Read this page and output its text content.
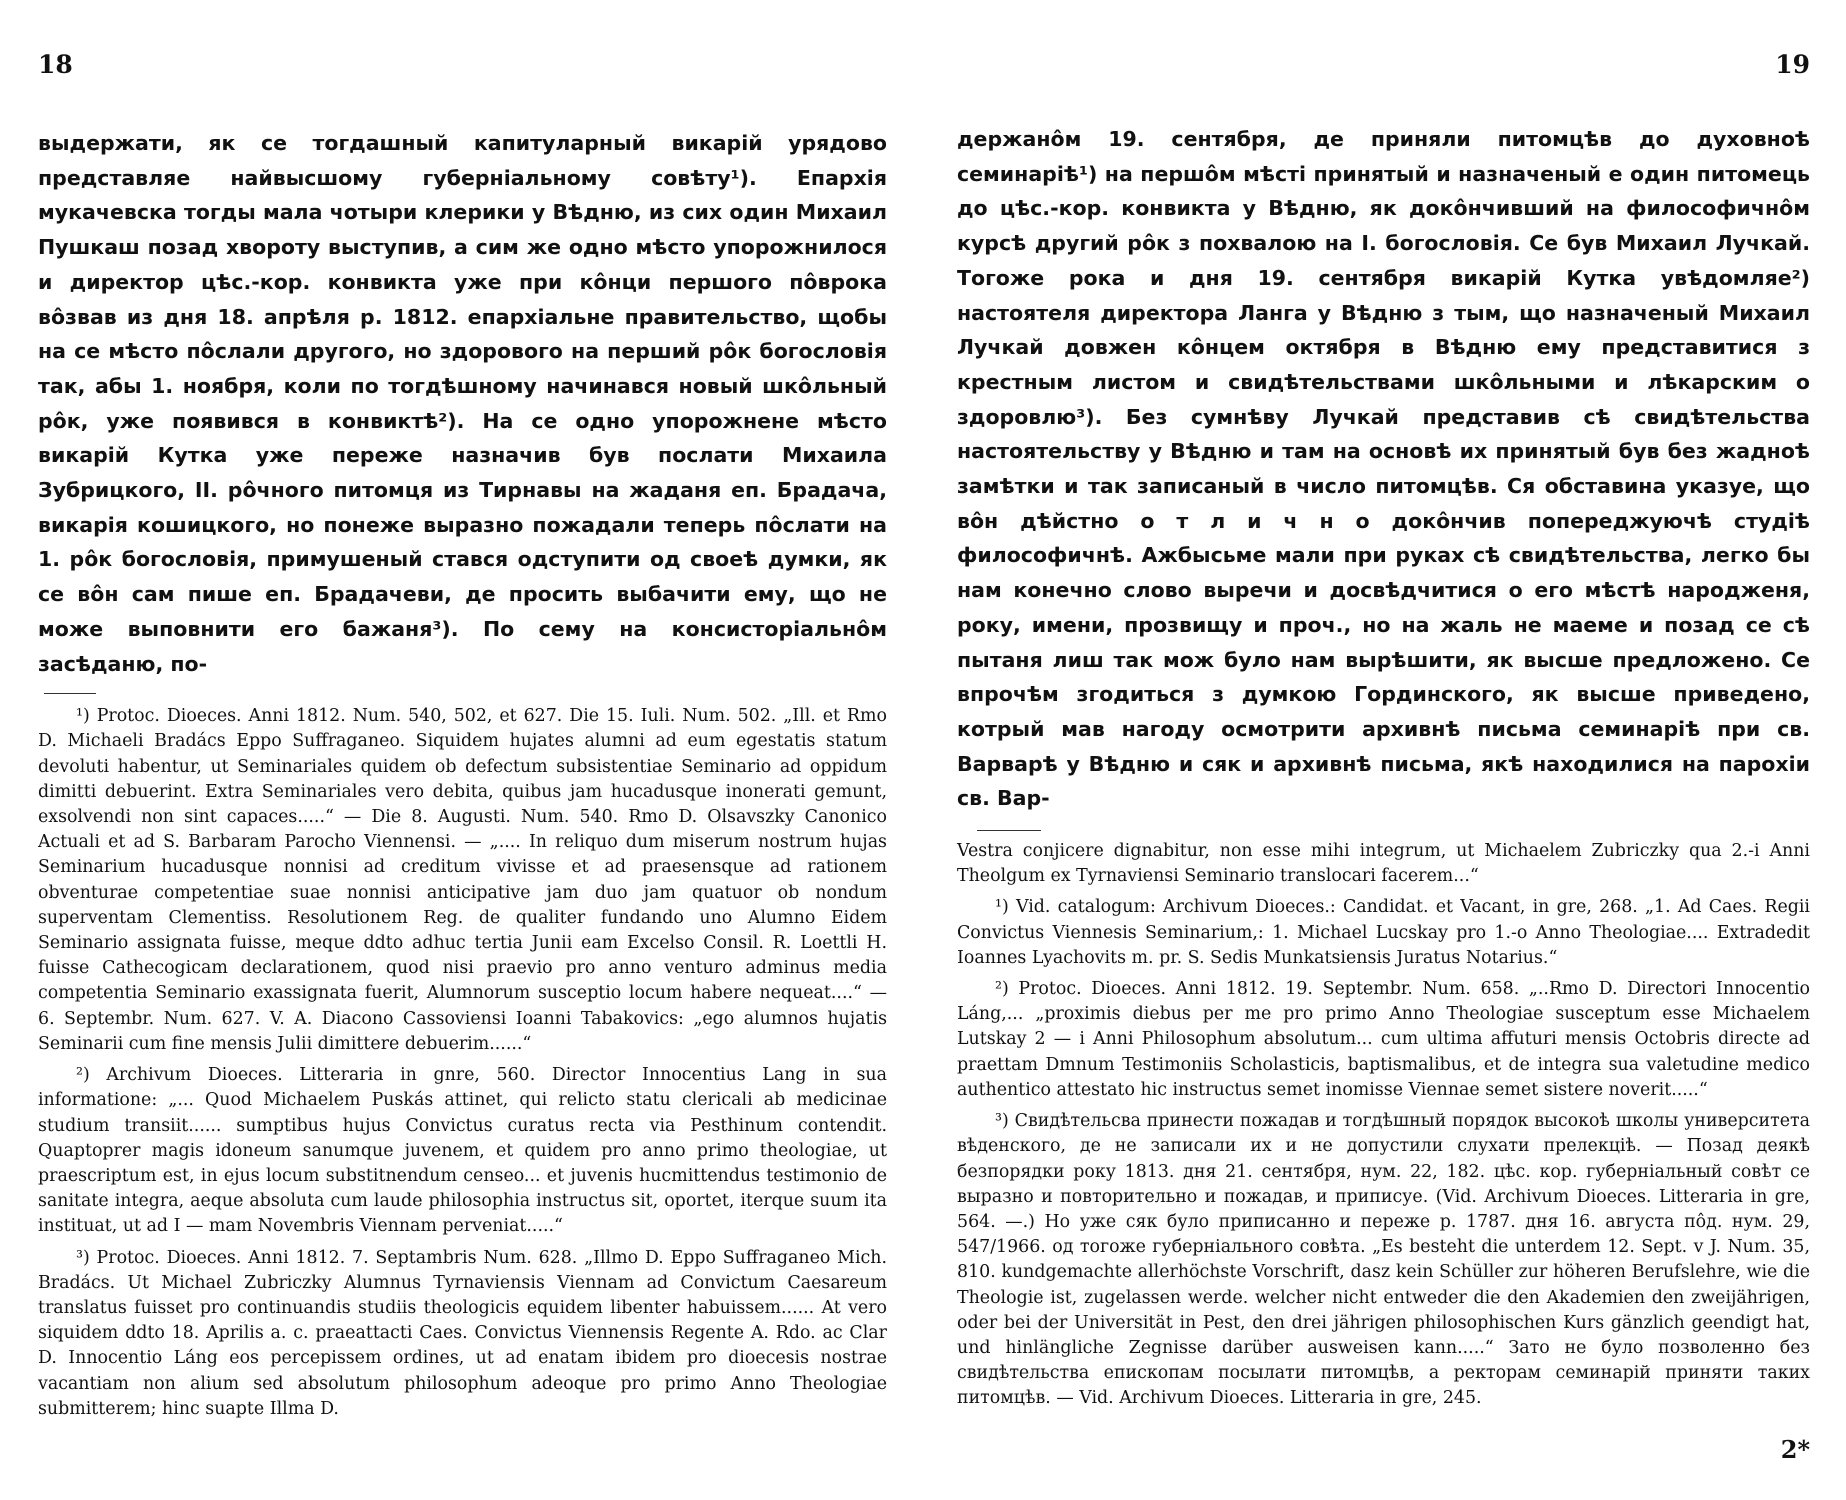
18
выдержати, як се тогдашный капитуларный викарій урядово представляе найвысшому губерніальному совѣту¹). Епархія мукачевска тогды мала чотыри клерики у Вѣдню, из сих один Михаил Пушкаш позад хвороту выступив, а сим же одно мѣсто упорожнилося и директор цѣс.-кор. конвикта уже при кôнци першого пôврока вôзвав из дня 18. апрѣля р. 1812. епархіальне правительство, щобы на се мѣсто пôслали другого, но здорового на перший рôк богословія так, абы 1. ноября, коли по тогдѣшному начинався новый шкôльный рôк, уже появився в конвиктѣ²). На се одно упорожнене мѣсто викарій Кутка уже переже назначив був послати Михаила Зубрицкого, II. рôчного питомця из Тирнавы на жаданя еп. Брадача, викарія кошицкого, но понеже выразно пожадали теперь пôслати на 1. рôк богословія, примушеный стався одступити од своеѣ думки, як се вôн сам пише еп. Брадачеви, де просить выбачити ему, що не може выповнити его бажаня³). По сему на консисторіальнôм засѣданю, по-

¹) Protoc. Dioeces. Anni 1812. Num. 540, 502, et 627. Die 15. Iuli. Num. 502. „Ill. et Rmo D. Michaeli Bradács Eppo Suffraganeo. Siquidem hujates alumni ad eum egestatis statum devoluti habentur, ut Seminariales quidem ob defectum subsistentiae Seminario ad oppidum dimitti debuerint. Extra Seminariales vero debita, quibus jam hucadusque inonerati gemunt, exsolvendi non sint capaces.....“ — Die 8. Augusti. Num. 540. Rmo D. Olsavszky Canonico Actuali et ad S. Barbaram Parocho Viennensi. — „.... In reliquo dum miserum nostrum hujas Seminarium hucadusque nonnisi ad creditum vivisse et ad praesensque ad rationem obventurae competentiae suae nonnisi anticipative jam duo jam quatuor ob nondum superventam Clementiss. Resolutionem Reg. de qualiter fundando uno Alumno Eidem Seminario assignata fuisse, meque ddto adhuc tertia Junii eam Excelso Consil. R. Loettli H. fuisse Cathecogicam declarationem, quod nisi praevio pro anno venturo adminus media competentia Seminario exassignata fuerit, Alumnorum susceptio locum habere nequeat....“ — 6. Septembr. Num. 627. V. A. Diacono Cassoviensi Ioanni Tabakovics: „ego alumnos hujatis Seminarii cum fine mensis Julii dimittere debuerim......“

²) Archivum Dioeces. Litteraria in gnre, 560. Director Innocentius Lang in sua informatione: „... Quod Michaelem Puskás attinet, qui relicto statu clericali ab medicinae studium transiit...... sumptibus hujus Convictus curatus recta via Pesthinum contendit. Quaptoprer magis idoneum sanumque juvenem, et quidem pro anno primo theologiae, ut praescriptum est, in ejus locum substitnendum censeo... et juvenis hucmittendus testimonio de sanitate integra, aeque absoluta cum laude philosophia instructus sit, oportet, iterque suum ita instituat, ut ad I — mam Novembris Viennam perveniat.....“

³) Protoc. Dioeces. Anni 1812. 7. Septambris Num. 628. „Illmo D. Eppo Suffraganeo Mich. Bradács. Ut Michael Zubriczky Alumnus Tyrnaviensis Viennam ad Convictum Caesareum translatus fuisset pro continuandis studiis theologicis equidem libenter habuissem...... At vero siquidem ddto 18. Aprilis a. c. praeattacti Caes. Convictus Viennensis Regente A. Rdo. ac Clar D. Innocentio Láng eos percepissem ordines, ut ad enatam ibidem pro dioecesis nostrae vacantiam non alium sed absolutum philosophum adeoque pro primo Anno Theologiae submitterem; hinc suapte Illma D.

19
держанôм 19. сентября, де приняли питомцѣв до духовноѣ семинаріѣ¹) на першôм мѣсті принятый и назначеный е один питомець до цѣс.-кор. конвикта у Вѣдню, як докôнчивший на философичнôм курсѣ другий рôк з похвалою на I. богословія. Се був Михаил Лучкай. Тогоже рока и дня 19. сентября викарій Кутка увѣдомляе²) настоятеля директора Ланга у Вѣдню з тым, що назначеный Михаил Лучкай довжен кôнцем октября в Вѣдню ему представитися з крестным листом и свидѣтельствами шкôльными и лѣкарским о здоровлю³). Без сумнѣву Лучкай представив сѣ свидѣтельства настоятельству у Вѣдню и там на основѣ их принятый був без жадноѣ замѣтки и так записаный в число питомцѣв. Ся обставина указуе, що вôн дѣйстно о т л и ч н о докôнчив попереджуючѣ студіѣ философичнѣ. Ажбысьме мали при руках сѣ свидѣтельства, легко бы нам конечно слово выречи и досвѣдчитися о его мѣстѣ народженя, року, имени, прозвищу и проч., но на жаль не маеме и позад се сѣ пытаня лиш так мож було нам вырѣшити, як высше предложено. Се впрочѣм згодиться з думкою Гординского, як высше приведено, котрый мав нагоду осмотрити архивнѣ письма семинаріѣ при св. Варварѣ у Вѣдню и сяк и архивнѣ письма, якѣ находилися на парохіи св. Вар-

Vestra conjicere dignabitur, non esse mihi integrum, ut Michaelem Zubriczky qua 2.-i Anni Theolgum ex Tyrnaviensi Seminario translocari facerem...“

¹) Vid. catalogum: Archivum Dioeces.: Candidat. et Vacant, in gre, 268. „1. Ad Caes. Regii Convictus Viennesis Seminarium,: 1. Michael Lucskay pro 1.-o Anno Theologiae.... Extradedit Ioannes Lyachovits m. pr. S. Sedis Munkatsiensis Juratus Notarius.“

²) Protoc. Dioeces. Anni 1812. 19. Septembr. Num. 658. „..Rmo D. Directori Innocentio Láng,... „proximis diebus per me pro primo Anno Theologiae susceptum esse Michaelem Lutskay 2 — i Anni Philosophum absolutum... cum ultima affuturi mensis Octobris directe ad praettam Dmnum Testimoniis Scholasticis, baptismalibus, et de integra sua valetudine medico authentico attestato hic instructus semet inomisse Viennae semet sistere noverit.....“

³) Свидѣтельсва принести пожадав и тогдѣшный порядок высокоѣ школы университета вѣденского, де не записали их и не допустили слухати прелекціѣ. — Позад деякѣ безпорядки року 1813. дня 21. сентября, нум. 22, 182. цѣс. кор. губерніальный совѣт се выразно и повторительно и пожадав, и приписуе. (Vid. Archivum Dioeces. Litteraria in gre, 564. —.) Но уже сяк було приписанно и переже р. 1787. дня 16. августа пôд. нум. 29, 547/1966. од тогоже губерніального совѣта. „Es besteht die unterdem 12. Sept. v J. Num. 35, 810. kundgemachte allerhöchste Vorschrift, dasz kein Schüller zur höheren Berufslehre, wie die Theologie ist, zugelassen werde. welcher nicht entweder die den Akademien den zweijährigen, oder bei der Universität in Pest, den drei jährigen philosophischen Kurs gänzlich geendigt hat, und hinlängliche Zegnisse darüber ausweisen kann.....“ Зато не було позволенно без свидѣтельства епископам посылати питомцѣв, а ректорам семинарій приняти таких питомцѣв. — Vid. Archivum Dioeces. Litteraria in gre, 245.

2*
